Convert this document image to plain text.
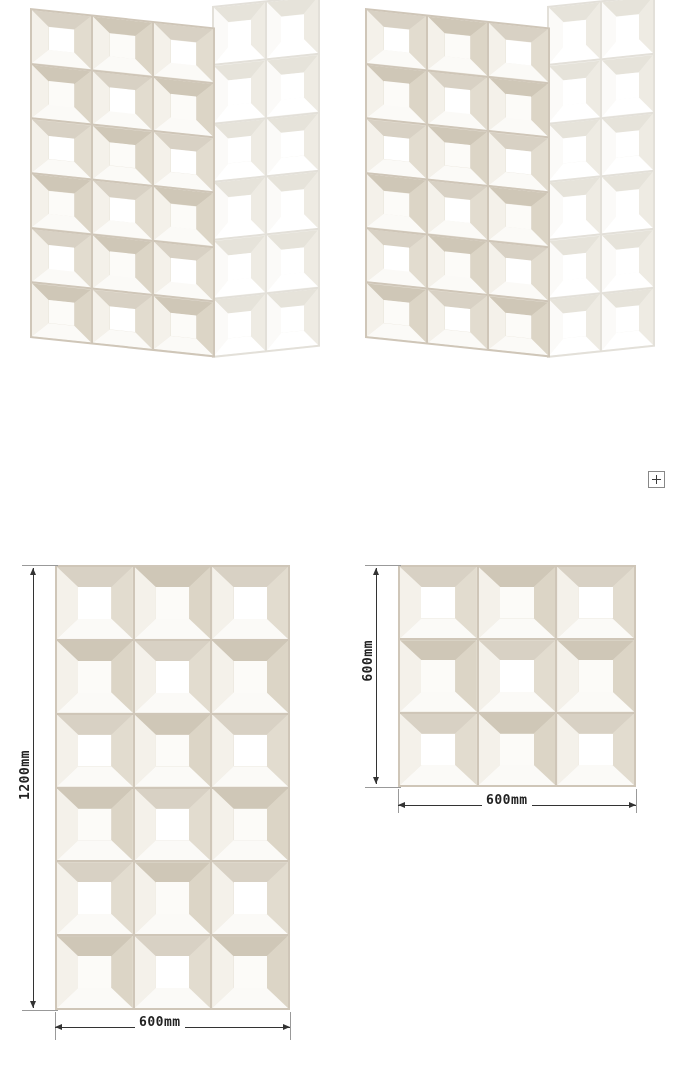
1200mm
600mm
600mm
600mm
